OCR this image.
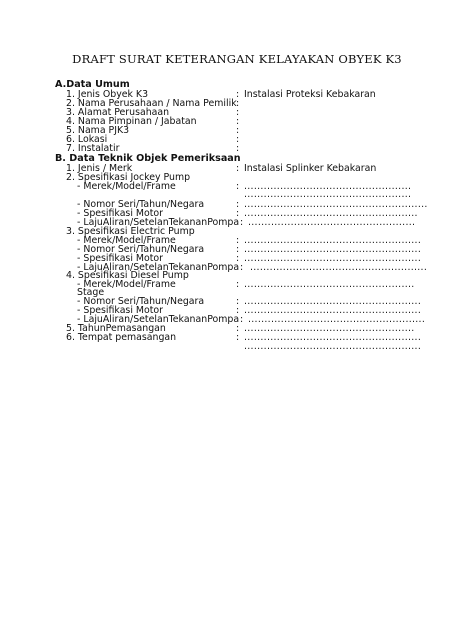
DRAFT SURAT KETERANGAN KELAYAKAN OBYEK K3
A.Data Umum
1. Jenis Obyek K3	: Instalasi Proteksi Kebakaran
2. Nama Perusahaan / Nama Pemilik :
3. Alamat Perusahaan	:
4. Nama Pimpinan / Jabatan	:
5. Nama PJK3	:
6. Lokasi	:
7. Instalatir	:
B. Data Teknik Objek Pemeriksaan
1. Jenis / Merk	: Instalasi Splinker Kebakaran
2. Spesifikasi Jockey Pump
- Merek/Model/Frame	: ...................................................
...................................................
- Nomor Seri/Tahun/Negara	: ........................................................
- Spesifikasi Motor	: .....................................................
- LajuAliran/SetelanTekananPompa : ...................................................
3. Spesifikasi Electric Pump
- Merek/Model/Frame	: ......................................................
- Nomor Seri/Tahun/Negara	: ......................................................
- Spesifikasi Motor	: ......................................................
- LajuAliran/SetelanTekananPompa : ......................................................
4. Spesifikasi Diesel Pump
- Merek/Model/Frame	: ....................................................
Stage
- Nomor Seri/Tahun/Negara	: ......................................................
- Spesifikasi Motor	: ......................................................
- LajuAliran/SetelanTekananPompa : ......................................................
5. TahunPemasangan	: ....................................................
6. Tempat pemasangan	: ......................................................
......................................................
